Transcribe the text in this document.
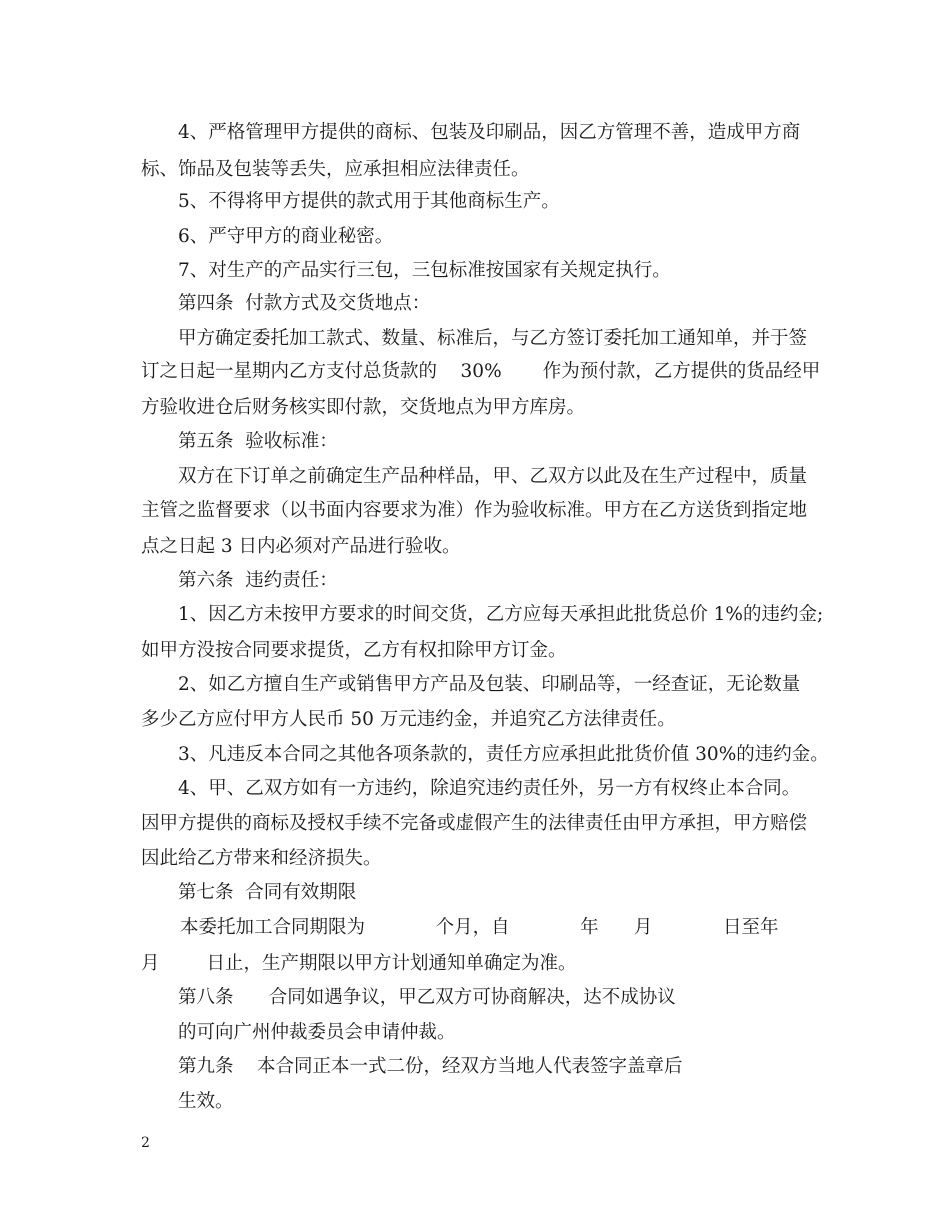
4、严格管理甲方提供的商标、包装及印刷品，因乙方管理不善，造成甲方商
标、饰品及包装等丢失，应承担相应法律责任。
5、不得将甲方提供的款式用于其他商标生产。
6、严守甲方的商业秘密。
7、对生产的产品实行三包，三包标准按国家有关规定执行。
第四条  付款方式及交货地点：
甲方确定委托加工款式、数量、标准后，与乙方签订委托加工通知单，并于签
订之日起一星期内乙方支付总货款的    30%       作为预付款，乙方提供的货品经甲
方验收进仓后财务核实即付款，交货地点为甲方库房。
第五条  验收标准：
双方在下订单之前确定生产品种样品，甲、乙双方以此及在生产过程中，质量
主管之监督要求（以书面内容要求为准）作为验收标准。甲方在乙方送货到指定地
点之日起 3 日内必须对产品进行验收。
第六条  违约责任：
1、因乙方未按甲方要求的时间交货，乙方应每天承担此批货总价 1%的违约金;
如甲方没按合同要求提货，乙方有权扣除甲方订金。
2、如乙方擅自生产或销售甲方产品及包装、印刷品等，一经查证，无论数量
多少乙方应付甲方人民币 50 万元违约金，并追究乙方法律责任。
3、凡违反本合同之其他各项条款的，责任方应承担此批货价值 30%的违约金。
4、甲、乙双方如有一方违约，除追究违约责任外，另一方有权终止本合同。
因甲方提供的商标及授权手续不完备或虚假产生的法律责任由甲方承担，甲方赔偿
因此给乙方带来和经济损失。
第七条  合同有效期限
本委托加工合同期限为            个月，自            年      月            日至年
月        日止，生产期限以甲方计划通知单确定为准。
第八条      合同如遇争议，甲乙双方可协商解决，达不成协议
的可向广州仲裁委员会申请仲裁。
第九条    本合同正本一式二份，经双方当地人代表签字盖章后
生效。
2
